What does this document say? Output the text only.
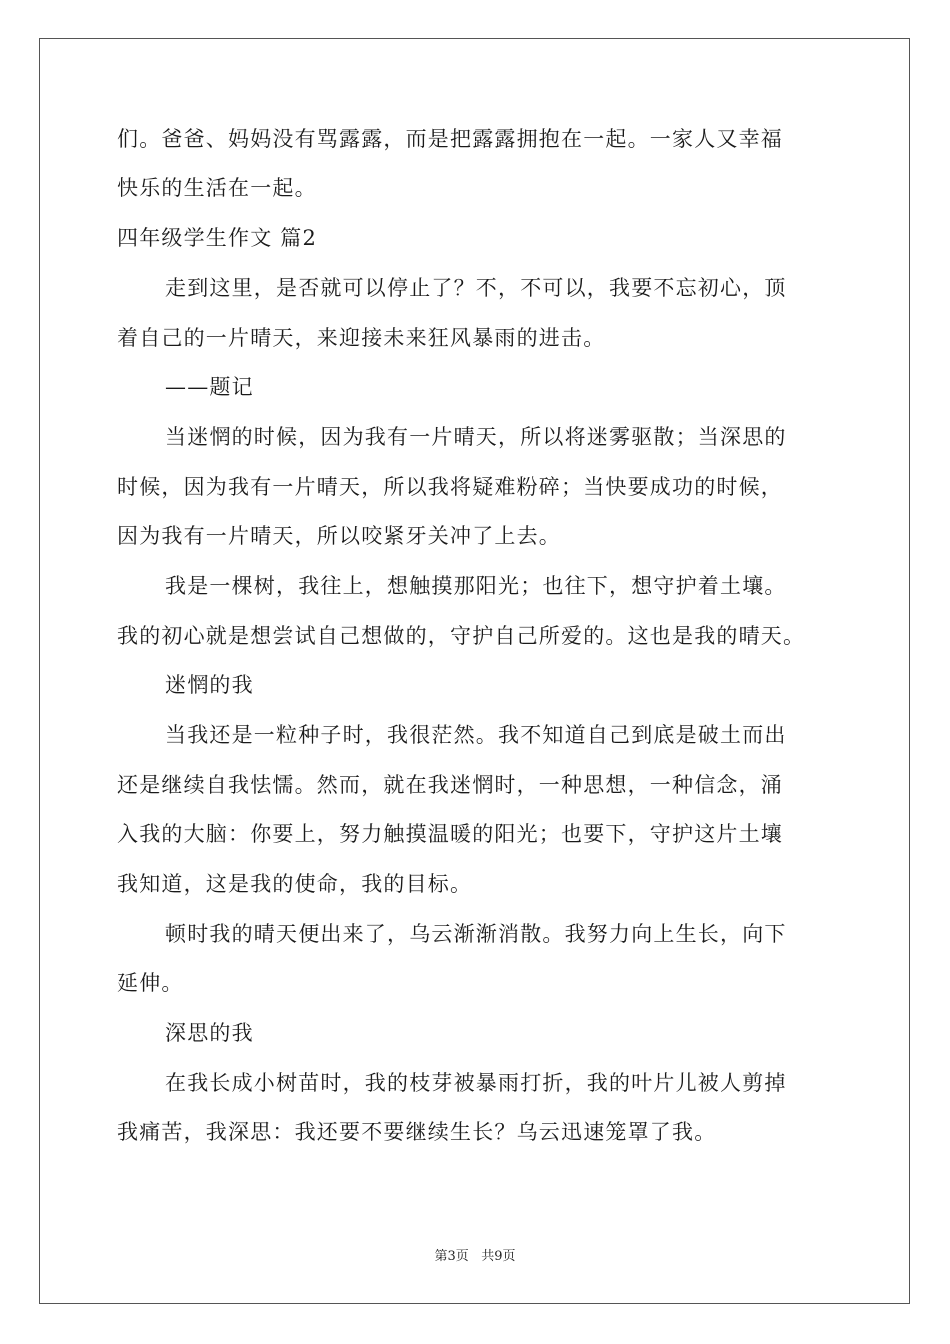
们。爸爸、妈妈没有骂露露，而是把露露拥抱在一起。一家人又幸福
快乐的生活在一起。
四年级学生作文 篇2
走到这里，是否就可以停止了？不，不可以，我要不忘初心，顶
着自己的一片晴天，来迎接未来狂风暴雨的进击。
——题记
当迷惘的时候，因为我有一片晴天，所以将迷雾驱散；当深思的
时候，因为我有一片晴天，所以我将疑难粉碎；当快要成功的时候，
因为我有一片晴天，所以咬紧牙关冲了上去。
我是一棵树，我往上，想触摸那阳光；也往下，想守护着土壤。
我的初心就是想尝试自己想做的，守护自己所爱的。这也是我的晴天。
迷惘的我
当我还是一粒种子时，我很茫然。我不知道自己到底是破土而出
还是继续自我怯懦。然而，就在我迷惘时，一种思想，一种信念，涌
入我的大脑：你要上，努力触摸温暖的阳光；也要下，守护这片土壤
我知道，这是我的使命，我的目标。
顿时我的晴天便出来了，乌云渐渐消散。我努力向上生长，向下
延伸。
深思的我
在我长成小树苗时，我的枝芽被暴雨打折，我的叶片儿被人剪掉
我痛苦，我深思：我还要不要继续生长？乌云迅速笼罩了我。
第3页 共9页
